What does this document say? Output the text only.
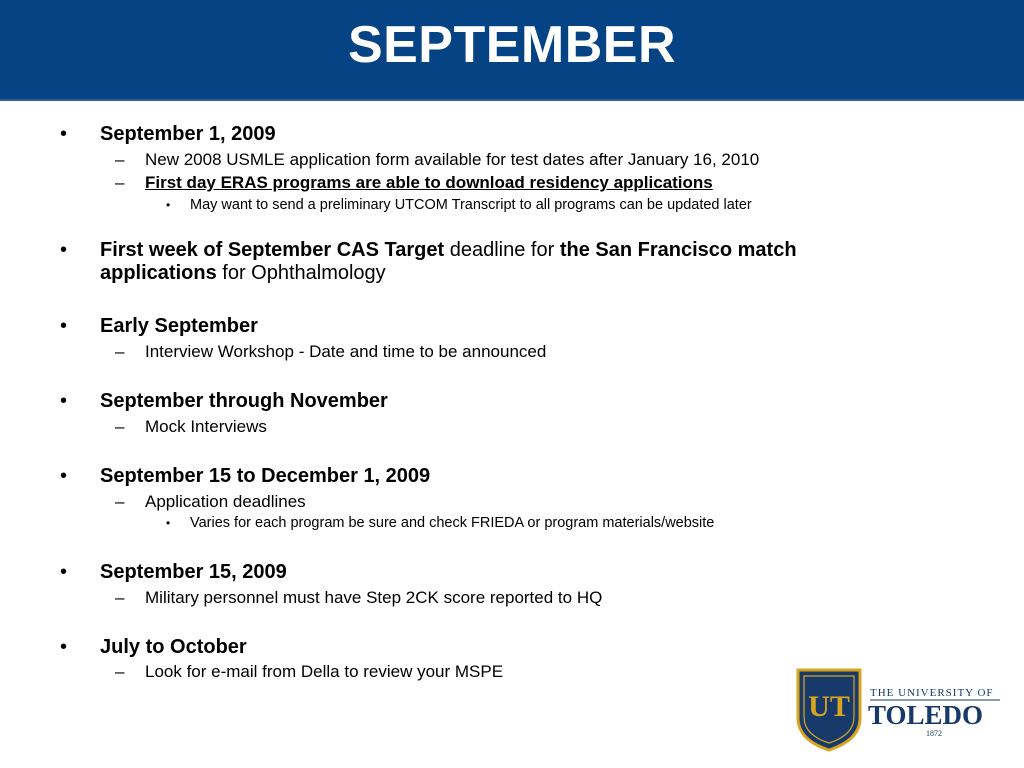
SEPTEMBER
• September 1, 2009
– New 2008 USMLE application form available for test dates after January 16, 2010
– First day ERAS programs are able to download residency applications
• May want to send a preliminary UTCOM Transcript to all programs can be updated later
• First week of September CAS Target deadline for the San Francisco match
applications for Ophthalmology
• Early September
– Interview Workshop - Date and time to be announced
• September through November
– Mock Interviews
• September 15 to December 1, 2009
– Application deadlines
• Varies for each program be sure and check FRIEDA or program materials/website
• September 15, 2009
– Military personnel must have Step 2CK score reported to HQ
• July to October
– Look for e-mail from Della to review your MSPE
UT THE UNIVERSITY OF
TOLEDO
1872
